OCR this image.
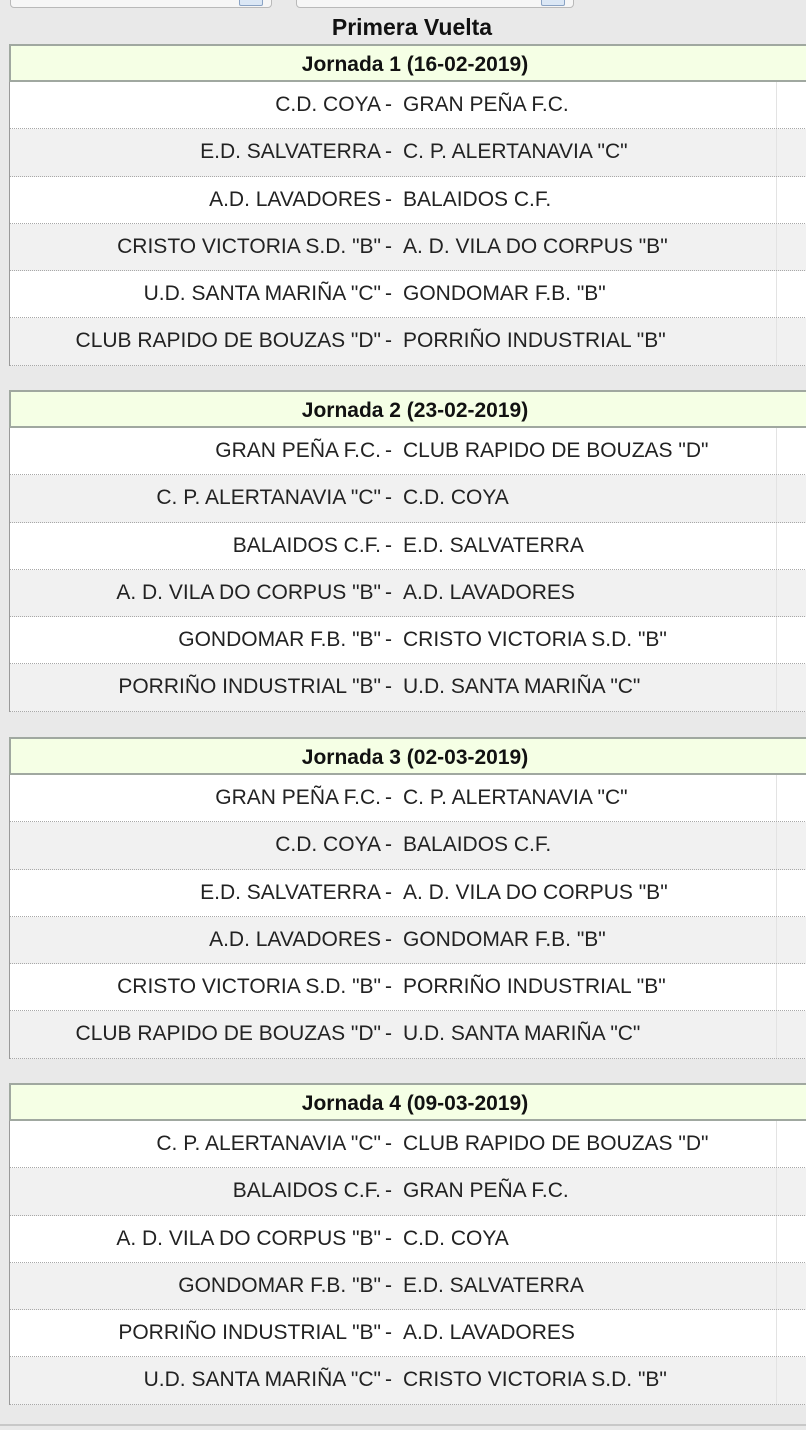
Primera Vuelta
Jornada 1 (16-02-2019)
C.D. COYA - GRAN PEÑA F.C.
E.D. SALVATERRA - C. P. ALERTANAVIA "C"
A.D. LAVADORES - BALAIDOS C.F.
CRISTO VICTORIA S.D. "B" - A. D. VILA DO CORPUS "B"
U.D. SANTA MARIÑA "C" - GONDOMAR F.B. "B"
CLUB RAPIDO DE BOUZAS "D" - PORRIÑO INDUSTRIAL "B"
Jornada 2 (23-02-2019)
GRAN PEÑA F.C. - CLUB RAPIDO DE BOUZAS "D"
C. P. ALERTANAVIA "C" - C.D. COYA
BALAIDOS C.F. - E.D. SALVATERRA
A. D. VILA DO CORPUS "B" - A.D. LAVADORES
GONDOMAR F.B. "B" - CRISTO VICTORIA S.D. "B"
PORRIÑO INDUSTRIAL "B" - U.D. SANTA MARIÑA "C"
Jornada 3 (02-03-2019)
GRAN PEÑA F.C. - C. P. ALERTANAVIA "C"
C.D. COYA - BALAIDOS C.F.
E.D. SALVATERRA - A. D. VILA DO CORPUS "B"
A.D. LAVADORES - GONDOMAR F.B. "B"
CRISTO VICTORIA S.D. "B" - PORRIÑO INDUSTRIAL "B"
CLUB RAPIDO DE BOUZAS "D" - U.D. SANTA MARIÑA "C"
Jornada 4 (09-03-2019)
C. P. ALERTANAVIA "C" - CLUB RAPIDO DE BOUZAS "D"
BALAIDOS C.F. - GRAN PEÑA F.C.
A. D. VILA DO CORPUS "B" - C.D. COYA
GONDOMAR F.B. "B" - E.D. SALVATERRA
PORRIÑO INDUSTRIAL "B" - A.D. LAVADORES
U.D. SANTA MARIÑA "C" - CRISTO VICTORIA S.D. "B"
